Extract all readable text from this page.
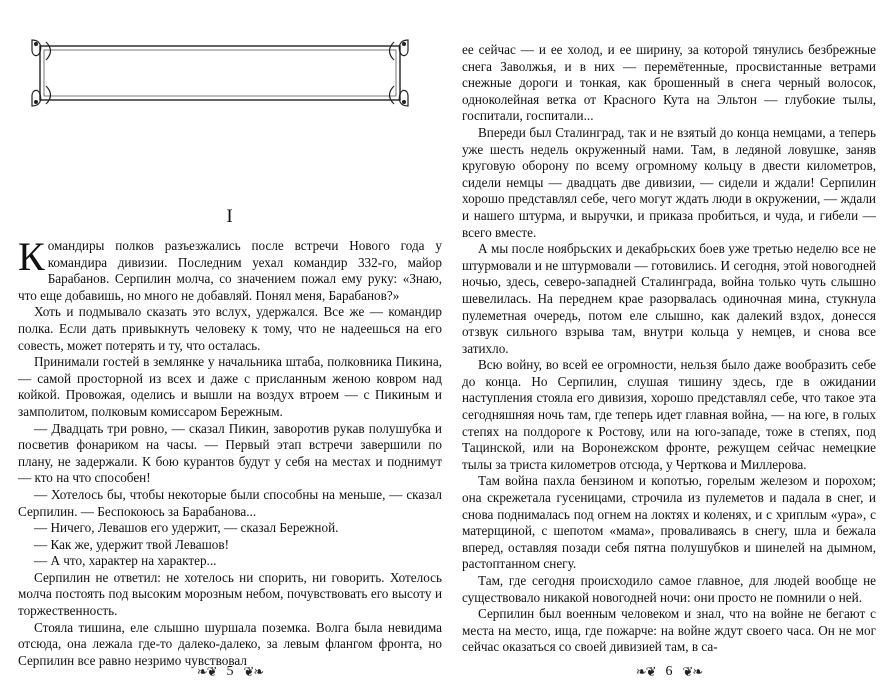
I

Командиры полков разъезжались после встречи Нового года у командира дивизии. Последним уехал командир 332-го, майор Барабанов. Серпилин молча, со значением пожал ему руку: «Знаю, что еще добавишь, но много не добавляй. Понял меня, Барабанов?»

Хоть и подмывало сказать это вслух, удержался. Все же — командир полка. Если дать привыкнуть человеку к тому, что не надеешься на его совесть, может потерять и ту, что осталась.

Принимали гостей в землянке у начальника штаба, полковника Пикина, — самой просторной из всех и даже с присланным женою ковром над койкой. Провожая, оделись и вышли на воздух втроем — с Пикиным и замполитом, полковым комиссаром Бережным.

— Двадцать три ровно, — сказал Пикин, заворотив рукав полушубка и посветив фонариком на часы. — Первый этап встречи завершили по плану, не задержали. К бою курантов будут у себя на местах и поднимут — кто на что способен!

— Хотелось бы, чтобы некоторые были способны на меньше, — сказал Серпилин. — Беспокоюсь за Барабанова...

— Ничего, Левашов его удержит, — сказал Бережной.

— Как же, удержит твой Левашов!

— А что, характер на характер...

Серпилин не ответил: не хотелось ни спорить, ни говорить. Хотелось молча постоять под высоким морозным небом, почувствовать его высоту и торжественность.

Стояла тишина, еле слышно шуршала поземка. Волга была невидима отсюда, она лежала где-то далеко-далеко, за левым флангом фронта, но Серпилин все равно незримо чувствовал

❧❦ 5 ❦❧

ее сейчас — и ее холод, и ее ширину, за которой тянулись безбрежные снега Заволжья, и в них — перемётенные, просвистанные ветрами снежные дороги и тонкая, как брошенный в снега черный волосок, одноколейная ветка от Красного Кута на Эльтон — глубокие тылы, госпитали, госпитали...

Впереди был Сталинград, так и не взятый до конца немцами, а теперь уже шесть недель окруженный нами. Там, в ледяной ловушке, заняв круговую оборону по всему огромному кольцу в двести километров, сидели немцы — двадцать две дивизии, — сидели и ждали! Серпилин хорошо представлял себе, чего могут ждать люди в окружении, — ждали и нашего штурма, и выручки, и приказа пробиться, и чуда, и гибели — всего вместе.

А мы после ноябрьских и декабрьских боев уже третью неделю все не штурмовали и не штурмовали — готовились. И сегодня, этой новогодней ночью, здесь, северо-западней Сталинграда, война только чуть слышно шевелилась. На переднем крае разорвалась одиночная мина, стукнула пулеметная очередь, потом еле слышно, как далекий вздох, донесся отзвук сильного взрыва там, внутри кольца у немцев, и снова все затихло.

Всю войну, во всей ее огромности, нельзя было даже вообразить себе до конца. Но Серпилин, слушая тишину здесь, где в ожидании наступления стояла его дивизия, хорошо представлял себе, что такое эта сегодняшняя ночь там, где теперь идет главная война, — на юге, в голых степях на полдороге к Ростову, или на юго-западе, тоже в степях, под Тацинской, или на Воронежском фронте, режущем сейчас немецкие тылы за триста километров отсюда, у Черткова и Миллерова.

Там война пахла бензином и копотью, горелым железом и порохом; она скрежетала гусеницами, строчила из пулеметов и падала в снег, и снова поднималась под огнем на локтях и коленях, и с хриплым «ура», с матерщиной, с шепотом «мама», проваливаясь в снегу, шла и бежала вперед, оставляя позади себя пятна полушубков и шинелей на дымном, растоптанном снегу.

Там, где сегодня происходило самое главное, для людей вообще не существовало никакой новогодней ночи: они просто не помнили о ней.

Серпилин был военным человеком и знал, что на войне не бегают с места на место, ища, где пожарче: на войне ждут своего часа. Он не мог сейчас оказаться со своей дивизией там, в са-

❧❦ 6 ❦❧
